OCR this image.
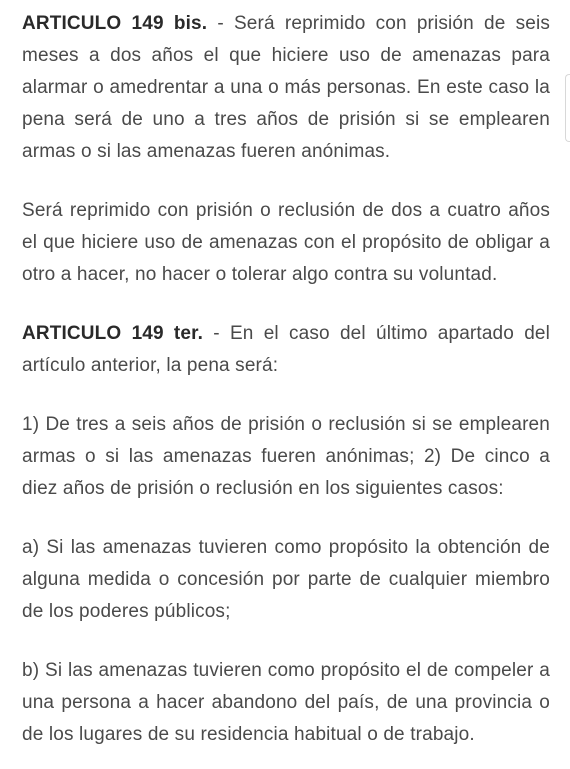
ARTICULO 149 bis. - Será reprimido con prisión de seis meses a dos años el que hiciere uso de amenazas para alarmar o amedrentar a una o más personas. En este caso la pena será de uno a tres años de prisión si se emplearen armas o si las amenazas fueren anónimas.

Será reprimido con prisión o reclusión de dos a cuatro años el que hiciere uso de amenazas con el propósito de obligar a otro a hacer, no hacer o tolerar algo contra su voluntad.

ARTICULO 149 ter. - En el caso del último apartado del artículo anterior, la pena será:

1) De tres a seis años de prisión o reclusión si se emplearen armas o si las amenazas fueren anónimas; 2) De cinco a diez años de prisión o reclusión en los siguientes casos:

a) Si las amenazas tuvieren como propósito la obtención de alguna medida o concesión por parte de cualquier miembro de los poderes públicos;

b) Si las amenazas tuvieren como propósito el de compeler a una persona a hacer abandono del país, de una provincia o de los lugares de su residencia habitual o de trabajo.
